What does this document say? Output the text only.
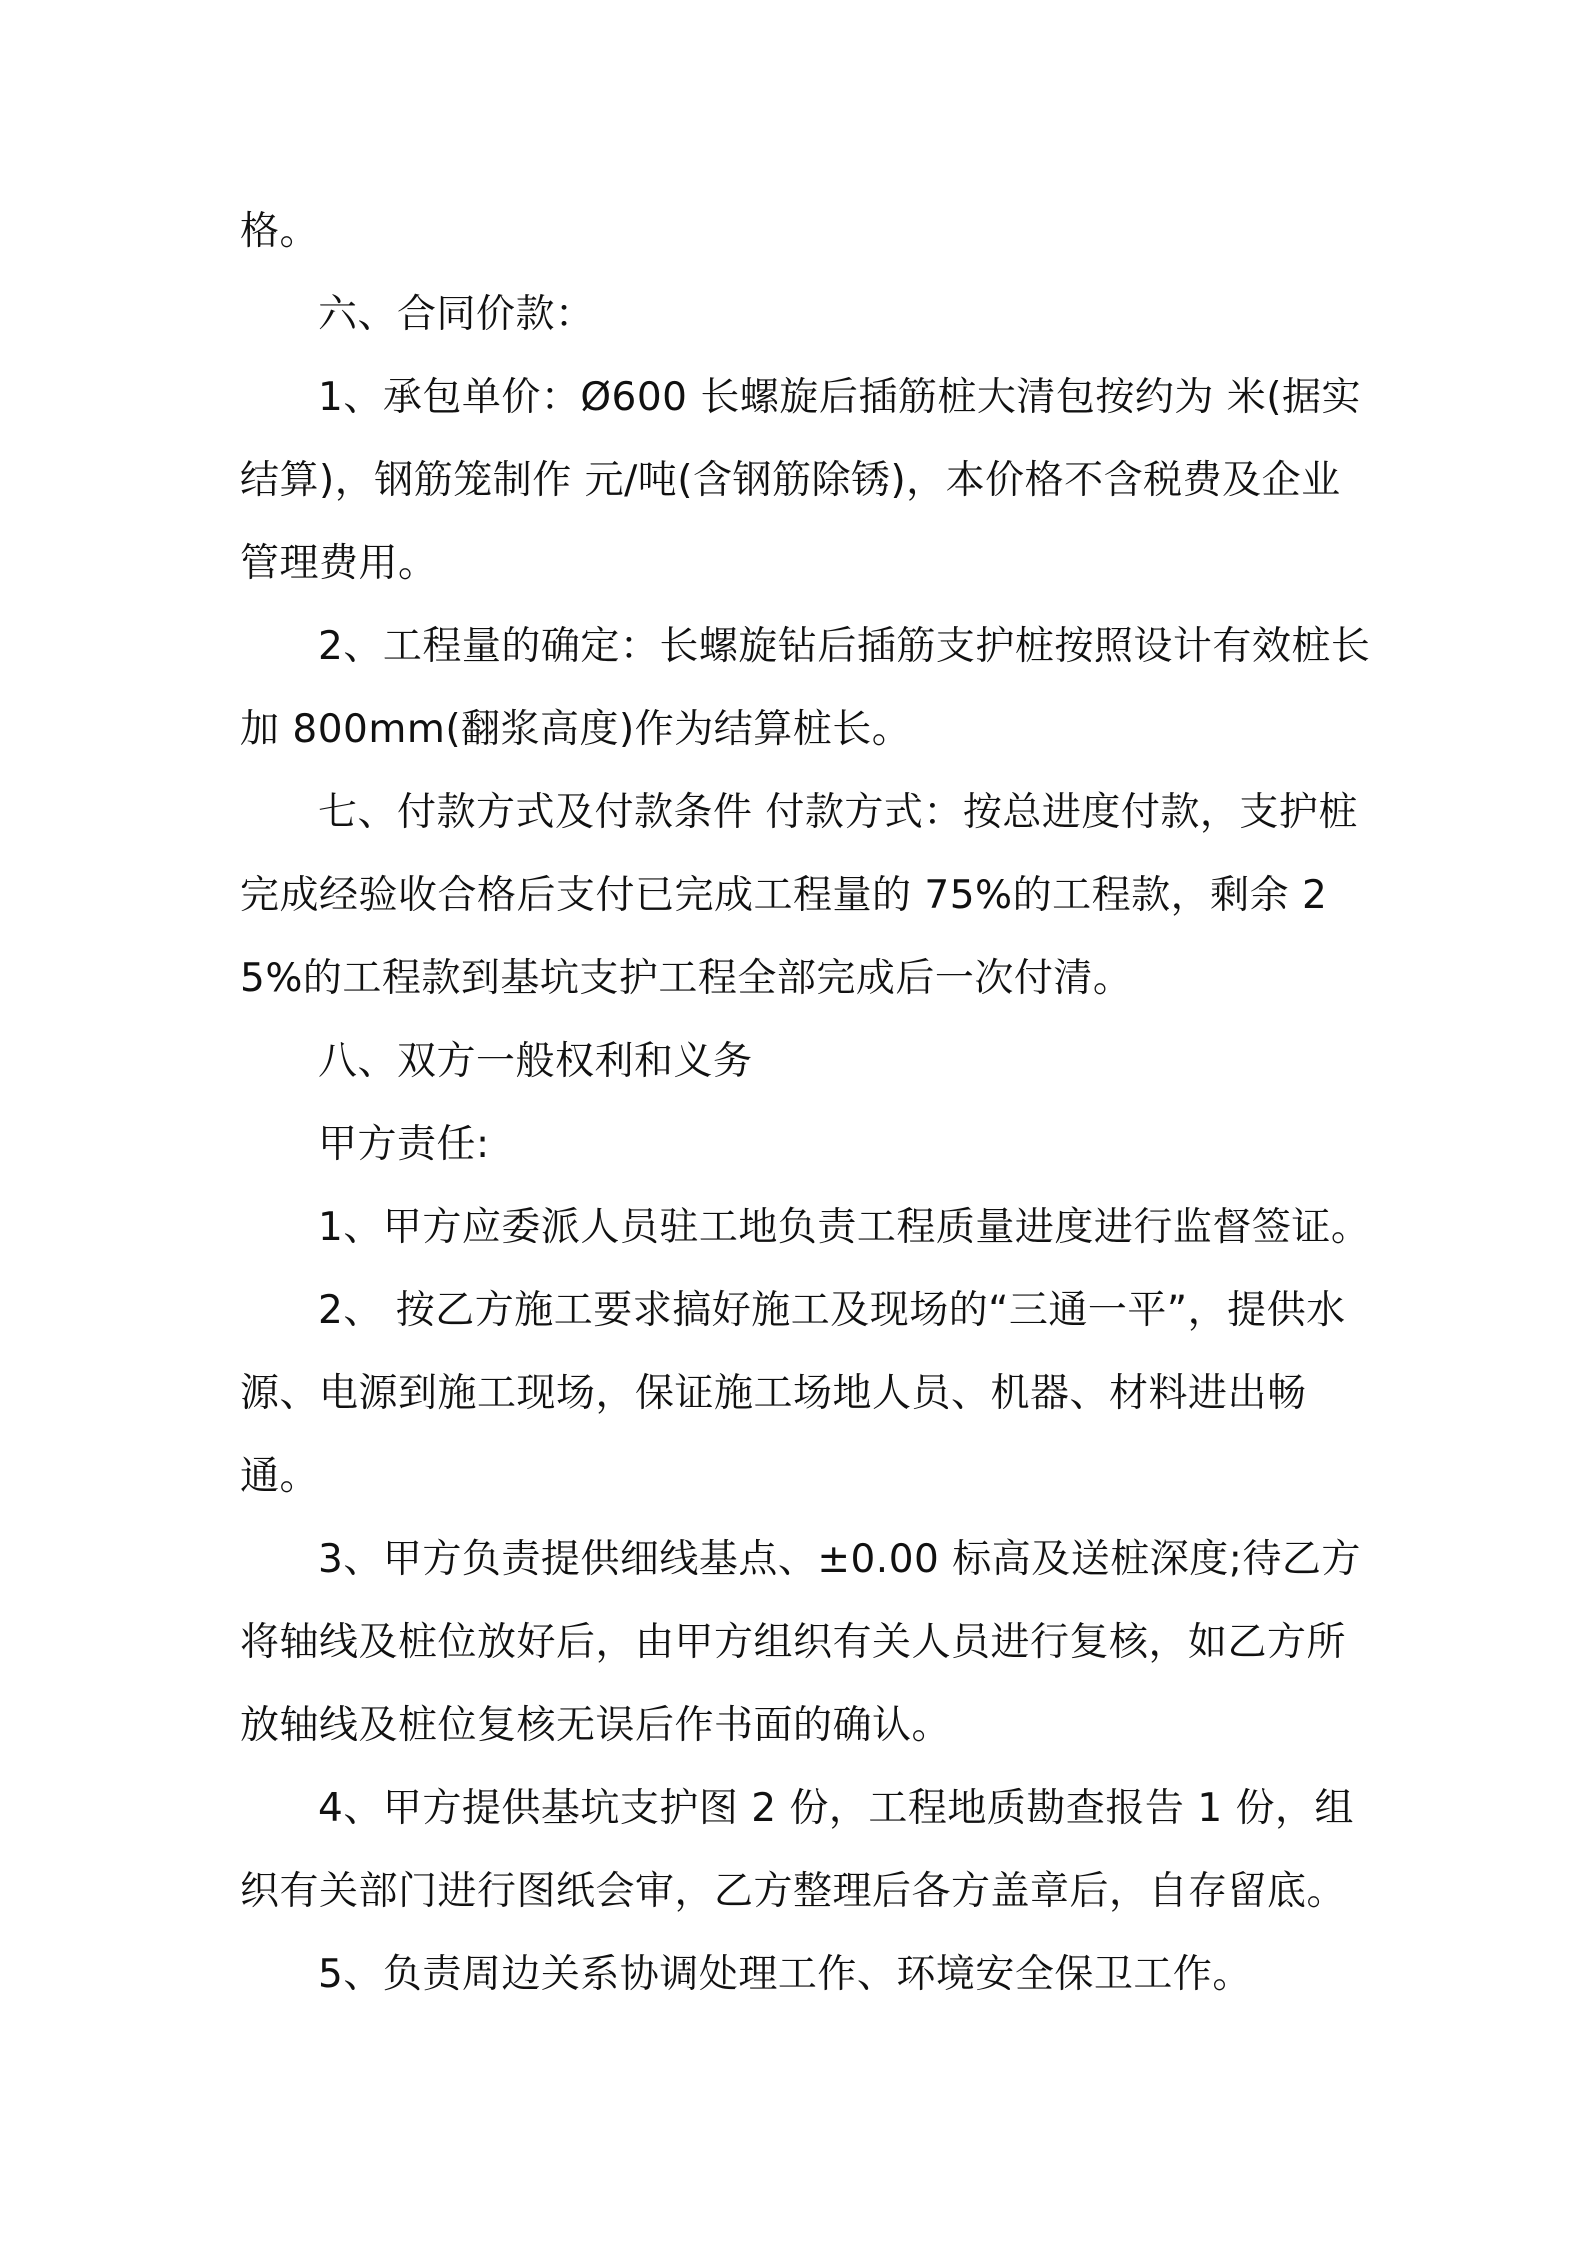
格。

六、合同价款：

1、承包单价：Ø600 长螺旋后插筋桩大清包按约为 米(据实结算)，钢筋笼制作 元/吨(含钢筋除锈)，本价格不含税费及企业管理费用。

2、工程量的确定：长螺旋钻后插筋支护桩按照设计有效桩长加 800mm(翻浆高度)作为结算桩长。

七、付款方式及付款条件 付款方式：按总进度付款，支护桩完成经验收合格后支付已完成工程量的 75%的工程款，剩余 25%的工程款到基坑支护工程全部完成后一次付清。

八、双方一般权利和义务

甲方责任:

1、甲方应委派人员驻工地负责工程质量进度进行监督签证。

2、 按乙方施工要求搞好施工及现场的“三通一平”，提供水源、电源到施工现场，保证施工场地人员、机器、材料进出畅通。

3、甲方负责提供细线基点、±0.00 标高及送桩深度;待乙方将轴线及桩位放好后，由甲方组织有关人员进行复核，如乙方所放轴线及桩位复核无误后作书面的确认。

4、甲方提供基坑支护图 2 份，工程地质勘查报告 1 份，组织有关部门进行图纸会审，乙方整理后各方盖章后，自存留底。

5、负责周边关系协调处理工作、环境安全保卫工作。
